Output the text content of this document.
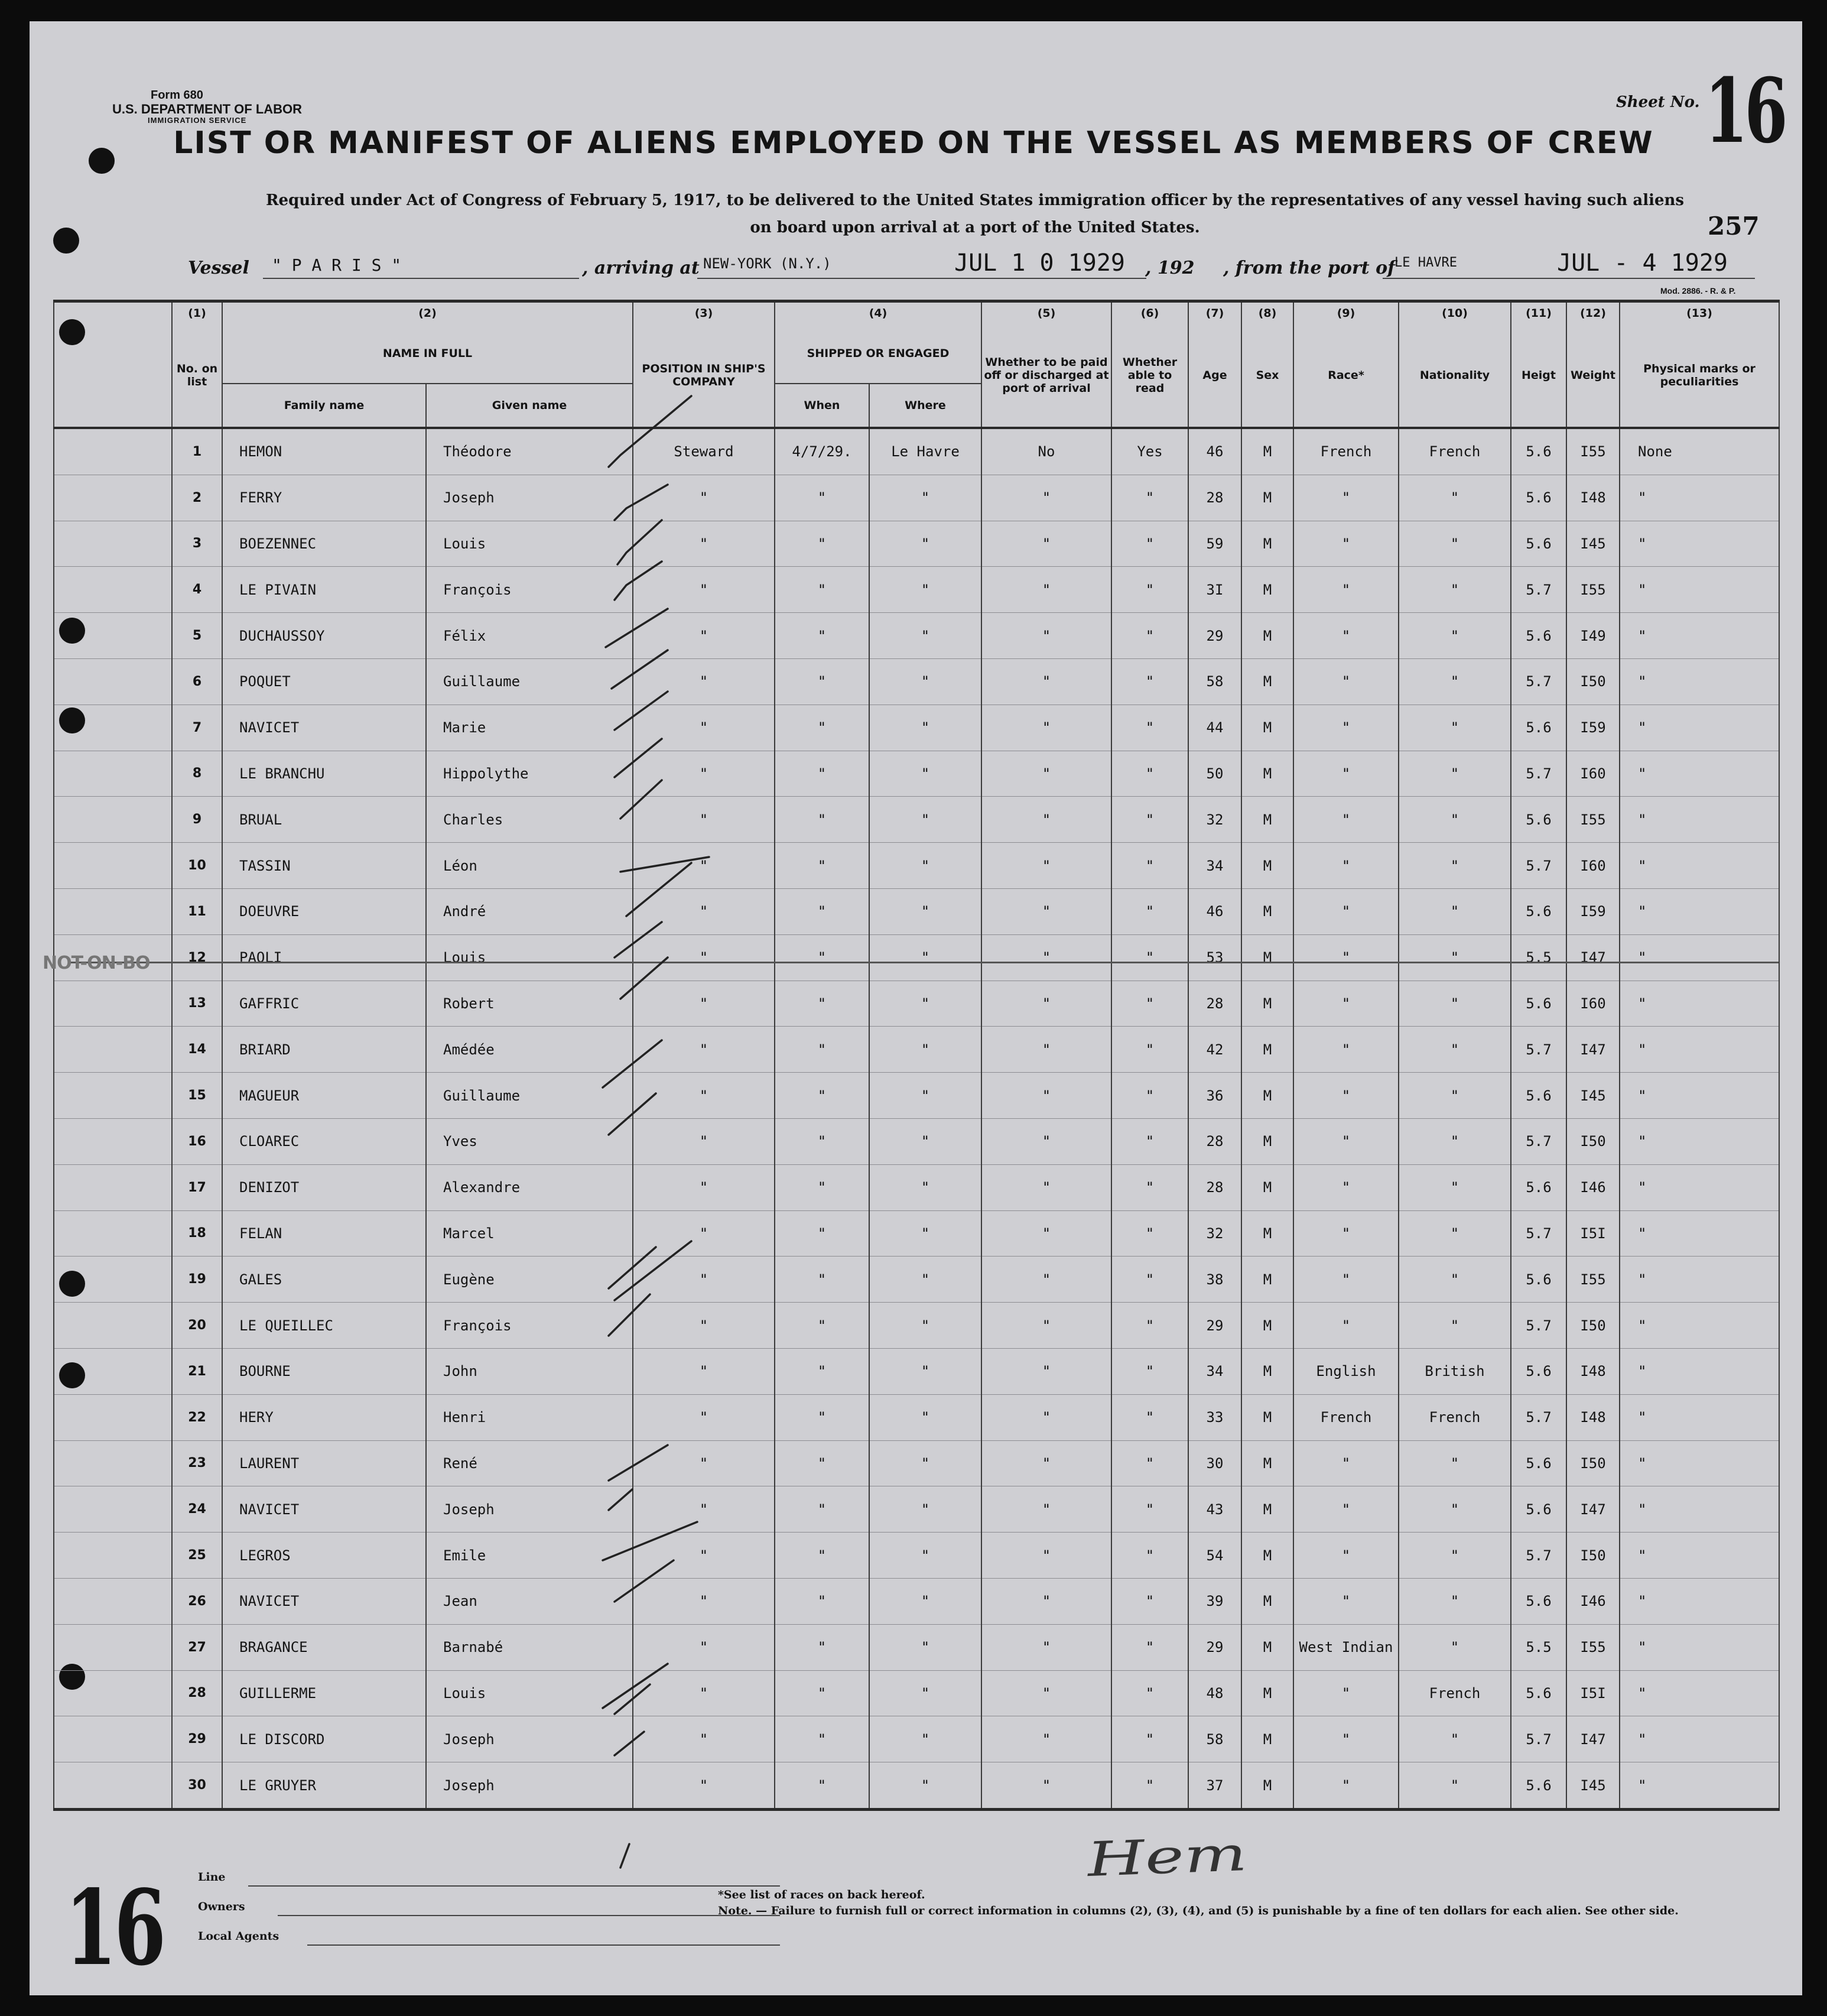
Form 680
U.S. DEPARTMENT OF LABOR
IMMIGRATION SERVICE
Sheet No. 16
LIST OR MANIFEST OF ALIENS EMPLOYED ON THE VESSEL AS MEMBERS OF CREW
Required under Act of Congress of February 5, 1917, to be delivered to the United States immigration officer by the representatives of any vessel having such aliens
on board upon arrival at a port of the United States.	257
Vessel " P A R I S "	, arriving at NEW-YORK (N.Y.)	JUL 1 0 1929 , 192 , from the port of
LE HAVRE	JUL - 4 1929
Mod. 2886. - R. & P.
	(1)	(2)		(3)	(4)		(5)	(6)	(7)	(8)	(9)	(10)	(11)	(12)	(13)
	No. on list	NAME IN FULL		POSITION IN SHIP'S COMPANY	SHIPPED OR ENGAGED		Whether to be paid off or discharged at port of arrival	Whether able to read	Age	Sex	Race*	Nationality	Heigt	Weight	Physical marks or peculiarities
		Family name	Given name		When	Where									
	1	HEMON	Théodore	Steward	4/7/29.	Le Havre	No	Yes	46	M	French	French	5.6	I55	None
	2	FERRY	Joseph	"	"	"	"	"	28	M	"	"	5.6	I48	"
	3	BOEZENNEC	Louis	"	"	"	"	"	59	M	"	"	5.6	I45	"
	4	LE PIVAIN	François	"	"	"	"	"	3I	M	"	"	5.7	I55	"
	5	DUCHAUSSOY	Félix	"	"	"	"	"	29	M	"	"	5.6	I49	"
	6	POQUET	Guillaume	"	"	"	"	"	58	M	"	"	5.7	I50	"
	7	NAVICET	Marie	"	"	"	"	"	44	M	"	"	5.6	I59	"
	8	LE BRANCHU	Hippolythe	"	"	"	"	"	50	M	"	"	5.7	I60	"
	9	BRUAL	Charles	"	"	"	"	"	32	M	"	"	5.6	I55	"
	10	TASSIN	Léon	"	"	"	"	"	34	M	"	"	5.7	I60	"
	11	DOEUVRE	André	"	"	"	"	"	46	M	"	"	5.6	I59	"
	12	PAOLI	Louis	"	"	"	"	"	53	M	"	"	5.5	I47	"
	13	GAFFRIC	Robert	"	"	"	"	"	28	M	"	"	5.6	I60	"
	14	BRIARD	Amédée	"	"	"	"	"	42	M	"	"	5.7	I47	"
	15	MAGUEUR	Guillaume	"	"	"	"	"	36	M	"	"	5.6	I45	"
	16	CLOAREC	Yves	"	"	"	"	"	28	M	"	"	5.7	I50	"
	17	DENIZOT	Alexandre	"	"	"	"	"	28	M	"	"	5.6	I46	"
	18	FELAN	Marcel	"	"	"	"	"	32	M	"	"	5.7	I5I	"
	19	GALES	Eugène	"	"	"	"	"	38	M	"	"	5.6	I55	"
	20	LE QUEILLEC	François	"	"	"	"	"	29	M	"	"	5.7	I50	"
	21	BOURNE	John	"	"	"	"	"	34	M	English	British	5.6	I48	"
	22	HERY	Henri	"	"	"	"	"	33	M	French	French	5.7	I48	"
	23	LAURENT	René	"	"	"	"	"	30	M	"	"	5.6	I50	"
	24	NAVICET	Joseph	"	"	"	"	"	43	M	"	"	5.6	I47	"
	25	LEGROS	Emile	"	"	"	"	"	54	M	"	"	5.7	I50	"
	26	NAVICET	Jean	"	"	"	"	"	39	M	"	"	5.6	I46	"
	27	BRAGANCE	Barnabé	"	"	"	"	"	29	M	West Indian	"	5.5	I55	"
	28	GUILLERME	Louis	"	"	"	"	"	48	M	"	French	5.6	I5I	"
	29	LE DISCORD	Joseph	"	"	"	"	"	58	M	"	"	5.7	I47	"
	30	LE GRUYER	Joseph	"	"	"	"	"	37	M	"	"	5.6	I45	"
NOT-ON-BO
16	Line
Owners
Local Agents
Hem
*See list of races on back hereof.
Note. — Failure to furnish full or correct information in columns (2), (3), (4), and (5) is punishable by a fine of ten dollars for each alien. See other side.
